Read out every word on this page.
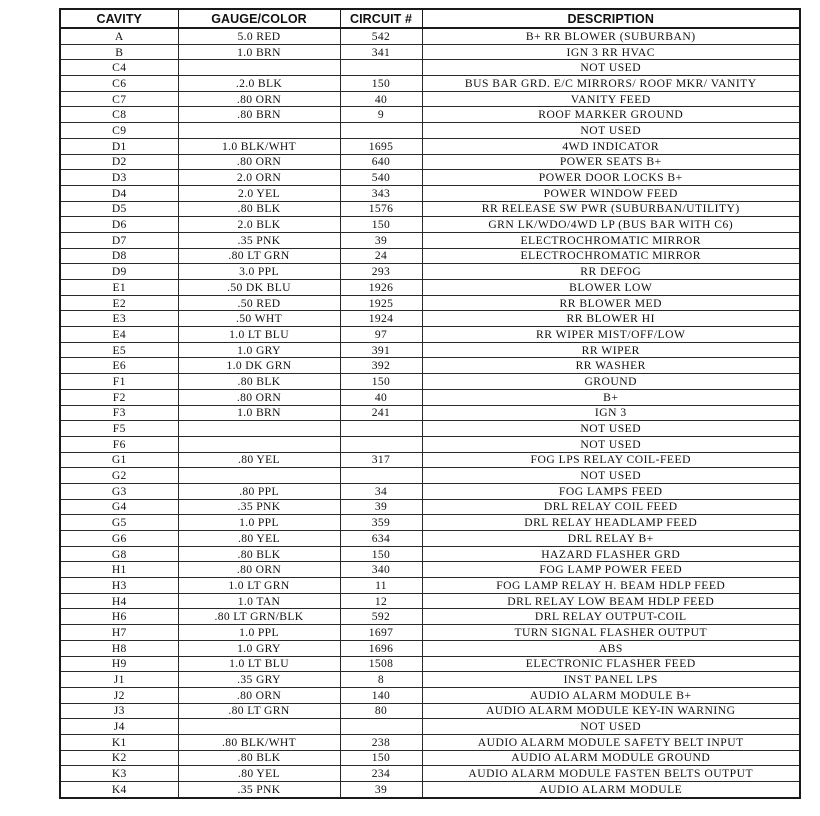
CAVITY	GAUGE/COLOR	CIRCUIT #	DESCRIPTION
A	5.0 RED	542	B+ RR BLOWER (SUBURBAN)
B	1.0 BRN	341	IGN 3 RR HVAC
C4			NOT USED
C6	.2.0 BLK	150	BUS BAR GRD. E/C MIRRORS/ ROOF MKR/ VANITY
C7	.80 ORN	40	VANITY FEED
C8	.80 BRN	9	ROOF MARKER GROUND
C9			NOT USED
D1	1.0 BLK/WHT	1695	4WD INDICATOR
D2	.80 ORN	640	POWER SEATS B+
D3	2.0 ORN	540	POWER DOOR LOCKS B+
D4	2.0 YEL	343	POWER WINDOW FEED
D5	.80 BLK	1576	RR RELEASE SW PWR (SUBURBAN/UTILITY)
D6	2.0 BLK	150	GRN LK/WDO/4WD LP (BUS BAR WITH C6)
D7	.35 PNK	39	ELECTROCHROMATIC MIRROR
D8	.80 LT GRN	24	ELECTROCHROMATIC MIRROR
D9	3.0 PPL	293	RR DEFOG
E1	.50 DK BLU	1926	BLOWER LOW
E2	.50 RED	1925	RR BLOWER MED
E3	.50 WHT	1924	RR BLOWER HI
E4	1.0 LT BLU	97	RR WIPER MIST/OFF/LOW
E5	1.0 GRY	391	RR WIPER
E6	1.0 DK GRN	392	RR WASHER
F1	.80 BLK	150	GROUND
F2	.80 ORN	40	B+
F3	1.0 BRN	241	IGN 3
F5			NOT USED
F6			NOT USED
G1	.80 YEL	317	FOG LPS RELAY COIL-FEED
G2			NOT USED
G3	.80 PPL	34	FOG LAMPS FEED
G4	.35 PNK	39	DRL RELAY COIL FEED
G5	1.0 PPL	359	DRL RELAY HEADLAMP FEED
G6	.80 YEL	634	DRL RELAY B+
G8	.80 BLK	150	HAZARD FLASHER GRD
H1	.80 ORN	340	FOG LAMP POWER FEED
H3	1.0 LT GRN	11	FOG LAMP RELAY H. BEAM HDLP FEED
H4	1.0 TAN	12	DRL RELAY LOW BEAM HDLP FEED
H6	.80 LT GRN/BLK	592	DRL RELAY OUTPUT-COIL
H7	1.0 PPL	1697	TURN SIGNAL FLASHER OUTPUT
H8	1.0 GRY	1696	ABS
H9	1.0 LT BLU	1508	ELECTRONIC FLASHER FEED
J1	.35 GRY	8	INST PANEL LPS
J2	.80 ORN	140	AUDIO ALARM MODULE B+
J3	.80 LT GRN	80	AUDIO ALARM MODULE KEY-IN WARNING
J4			NOT USED
K1	.80 BLK/WHT	238	AUDIO ALARM MODULE SAFETY BELT INPUT
K2	.80 BLK	150	AUDIO ALARM MODULE GROUND
K3	.80 YEL	234	AUDIO ALARM MODULE FASTEN BELTS OUTPUT
K4	.35 PNK	39	AUDIO ALARM MODULE
